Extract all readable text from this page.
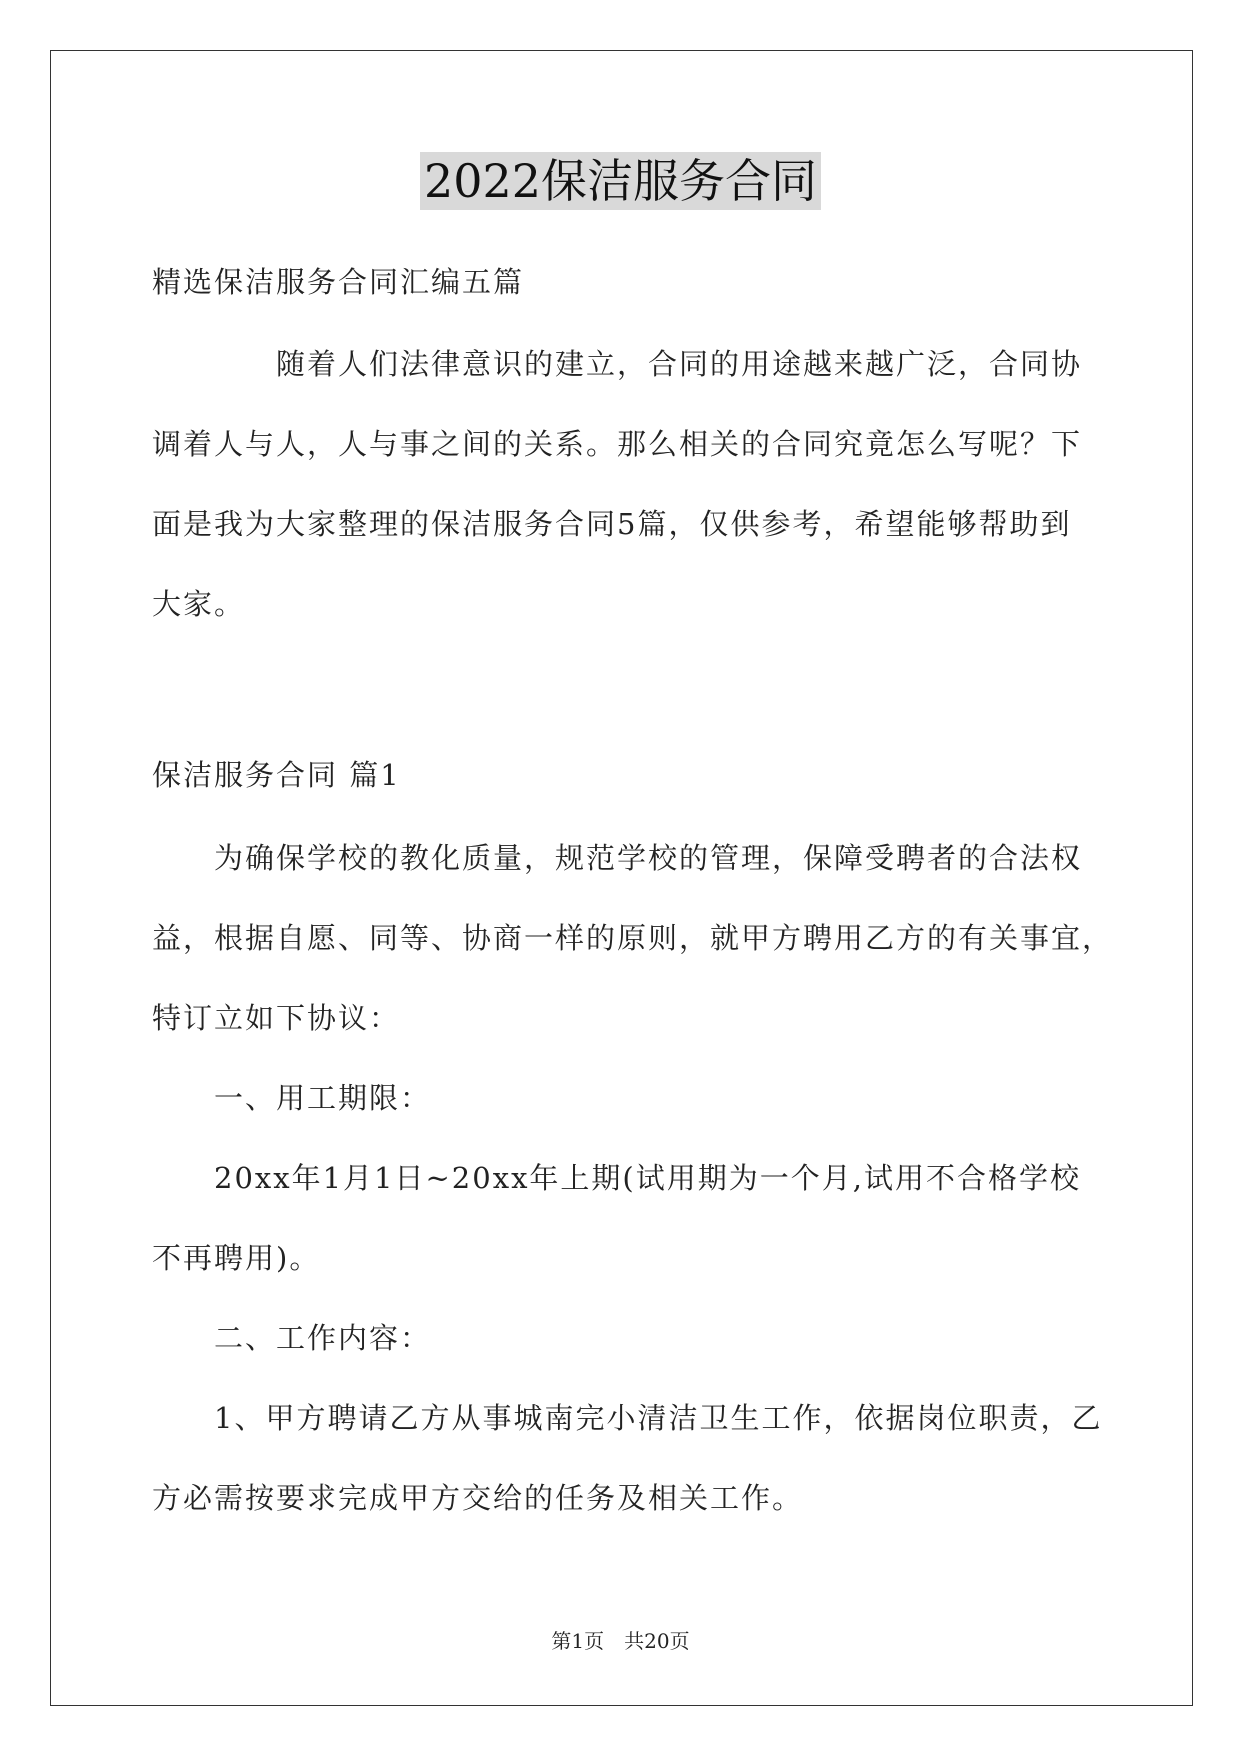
2022保洁服务合同
精选保洁服务合同汇编五篇
随着人们法律意识的建立，合同的用途越来越广泛，合同协
调着人与人，人与事之间的关系。那么相关的合同究竟怎么写呢？下
面是我为大家整理的保洁服务合同5篇，仅供参考，希望能够帮助到
大家。
保洁服务合同 篇1
为确保学校的教化质量，规范学校的管理，保障受聘者的合法权
益，根据自愿、同等、协商一样的原则，就甲方聘用乙方的有关事宜，
特订立如下协议：
一、用工期限：
20xx年1月1日~20xx年上期(试用期为一个月,试用不合格学校
不再聘用)。
二、工作内容：
1、甲方聘请乙方从事城南完小清洁卫生工作，依据岗位职责，乙
方必需按要求完成甲方交给的任务及相关工作。
第1页　共20页
